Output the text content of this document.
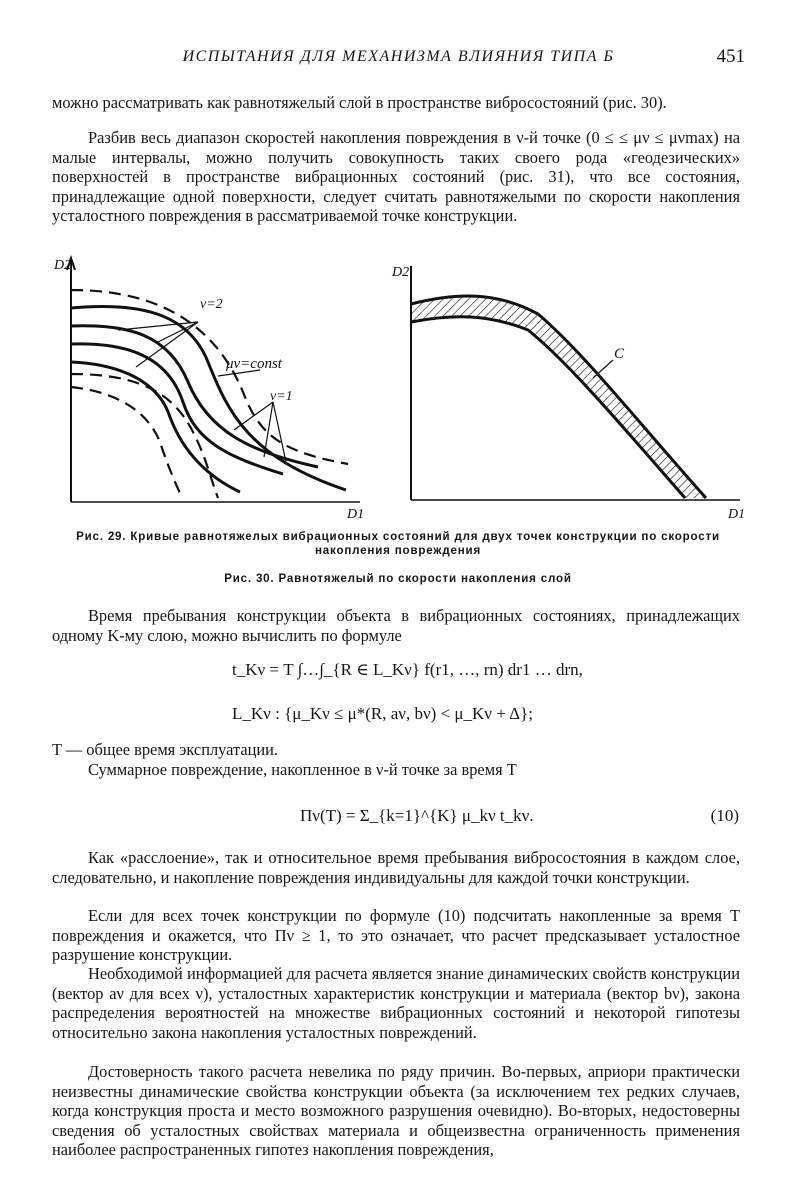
ИСПЫТАНИЯ ДЛЯ МЕХАНИЗМА ВЛИЯНИЯ ТИПА Б	451

можно рассматривать как равнотяжелый слой в пространстве вибросостояний (рис. 30).

Разбив весь диапазон скоростей накопления повреждения в ν-й точке (0 ≤ ≤ μν ≤ μνmax) на малые интервалы, можно получить совокупность таких своего рода «геодезических» поверхностей в пространстве вибрационных состояний (рис. 31), что все состояния, принадлежащие одной поверхности, следует считать равнотяжелыми по скорости накопления усталостного повреждения в рассматриваемой точке конструкции.

D2
D1
ν=2
μν=const
ν=1
D2
D1
C

Рис. 29. Кривые равнотяжелых вибрационных состояний для двух точек конструкции по скорости накопления повреждения

Рис. 30. Равнотяжелый по скорости накопления слой

Время пребывания конструкции объекта в вибрационных состояниях, принадлежащих одному K-му слою, можно вычислить по формуле

t_Kν = T ∫…∫_{R ∈ L_Kν} f(r1, …, rn) dr1 … drn,
L_Kν : {μ_Kν ≤ μ*(R, aν, bν) < μ_Kν + Δ};

T — общее время эксплуатации.

Суммарное повреждение, накопленное в ν-й точке за время T

Πν(T) = Σ_{k=1}^{K} μ_kν t_kν.	(10)

Как «расслоение», так и относительное время пребывания вибросостояния в каждом слое, следовательно, и накопление повреждения индивидуальны для каждой точки конструкции.

Если для всех точек конструкции по формуле (10) подсчитать накопленные за время T повреждения и окажется, что Πν ≥ 1, то это означает, что расчет предсказывает усталостное разрушение конструкции.

Необходимой информацией для расчета является знание динамических свойств конструкции (вектор aν для всех ν), усталостных характеристик конструкции и материала (вектор bν), закона распределения вероятностей на множестве вибрационных состояний и некоторой гипотезы относительно закона накопления усталостных повреждений.

Достоверность такого расчета невелика по ряду причин. Во-первых, априори практически неизвестны динамические свойства конструкции объекта (за исключением тех редких случаев, когда конструкция проста и место возможного разрушения очевидно). Во-вторых, недостоверны сведения об усталостных свойствах материала и общеизвестна ограниченность применения наиболее распространенных гипотез накопления повреждения,
